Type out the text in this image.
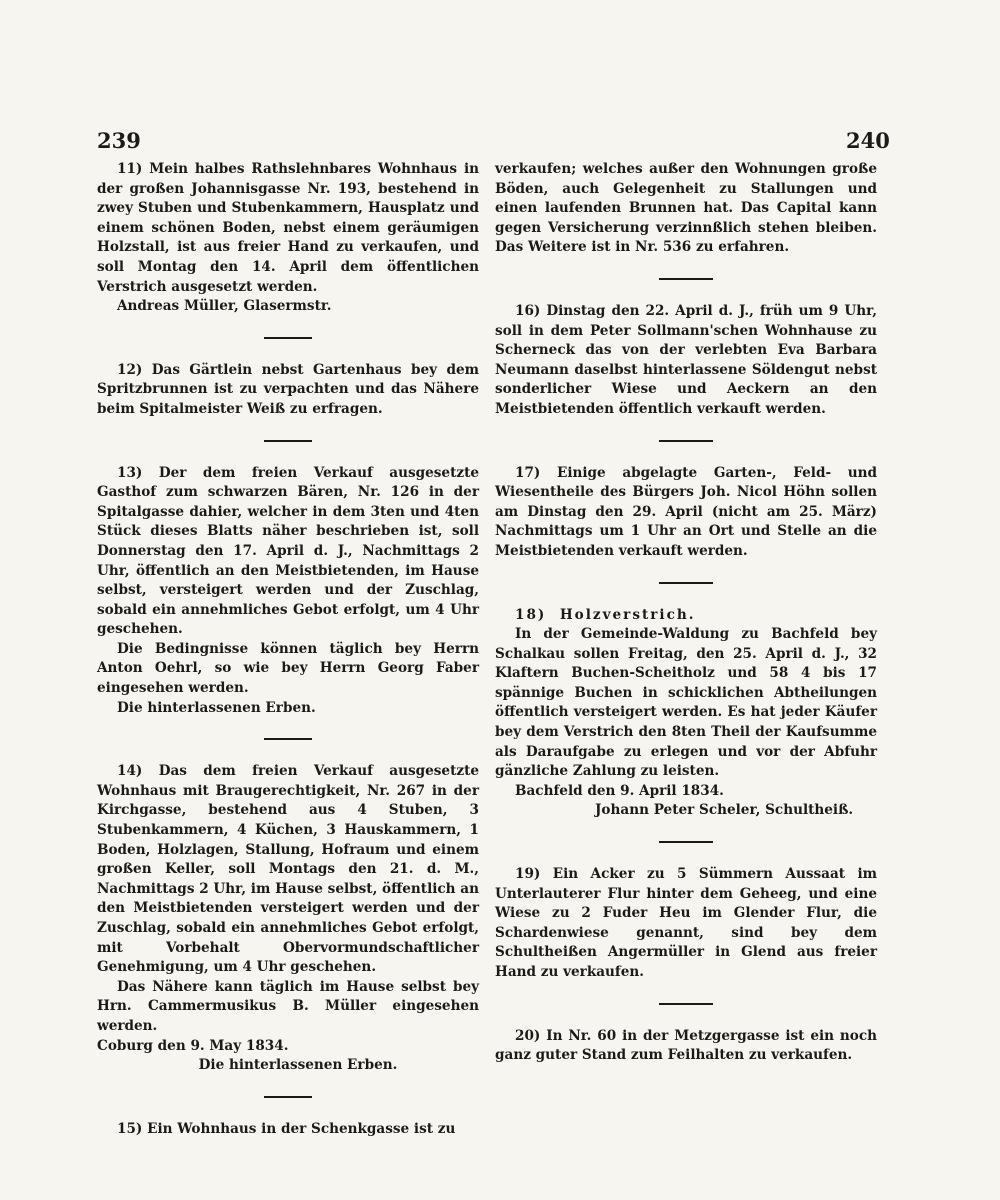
239	240

11) Mein halbes Rathslehnbares Wohnhaus in der großen Johannisgasse Nr. 193, bestehend in zwey Stuben und Stubenkammern, Hausplatz und einem schönen Boden, nebst einem geräumigen Holzstall, ist aus freier Hand zu verkaufen, und soll Montag den 14. April dem öffentlichen Verstrich ausgesetzt werden.

Andreas Müller, Glasermstr.

12) Das Gärtlein nebst Gartenhaus bey dem Spritzbrunnen ist zu verpachten und das Nähere beim Spitalmeister Weiß zu erfragen.

13) Der dem freien Verkauf ausgesetzte Gasthof zum schwarzen Bären, Nr. 126 in der Spitalgasse dahier, welcher in dem 3ten und 4ten Stück dieses Blatts näher beschrieben ist, soll Donnerstag den 17. April d. J., Nachmittags 2 Uhr, öffentlich an den Meistbietenden, im Hause selbst, versteigert werden und der Zuschlag, sobald ein annehmliches Gebot erfolgt, um 4 Uhr geschehen.

Die Bedingnisse können täglich bey Herrn Anton Oehrl, so wie bey Herrn Georg Faber eingesehen werden.

Die hinterlassenen Erben.

14) Das dem freien Verkauf ausgesetzte Wohnhaus mit Braugerechtigkeit, Nr. 267 in der Kirchgasse, bestehend aus 4 Stuben, 3 Stubenkammern, 4 Küchen, 3 Hauskammern, 1 Boden, Holzlagen, Stallung, Hofraum und einem großen Keller, soll Montags den 21. d. M., Nachmittags 2 Uhr, im Hause selbst, öffentlich an den Meistbietenden versteigert werden und der Zuschlag, sobald ein annehmliches Gebot erfolgt, mit Vorbehalt Obervormundschaftlicher Genehmigung, um 4 Uhr geschehen.

Das Nähere kann täglich im Hause selbst bey Hrn. Cammermusikus B. Müller eingesehen werden.

Coburg den 9. May 1834.

Die hinterlassenen Erben.

15) Ein Wohnhaus in der Schenkgasse ist zu

verkaufen; welches außer den Wohnungen große Böden, auch Gelegenheit zu Stallungen und einen laufenden Brunnen hat. Das Capital kann gegen Versicherung verzinnßlich stehen bleiben. Das Weitere ist in Nr. 536 zu erfahren.

16) Dinstag den 22. April d. J., früh um 9 Uhr, soll in dem Peter Sollmann'schen Wohnhause zu Scherneck das von der verlebten Eva Barbara Neumann daselbst hinterlassene Söldengut nebst sonderlicher Wiese und Aeckern an den Meistbietenden öffentlich verkauft werden.

17) Einige abgelagte Garten-, Feld- und Wiesentheile des Bürgers Joh. Nicol Höhn sollen am Dinstag den 29. April (nicht am 25. März) Nachmittags um 1 Uhr an Ort und Stelle an die Meistbietenden verkauft werden.

18) Holzverstrich.

In der Gemeinde-Waldung zu Bachfeld bey Schalkau sollen Freitag, den 25. April d. J., 32 Klaftern Buchen-Scheitholz und 58 4 bis 17 spännige Buchen in schicklichen Abtheilungen öffentlich versteigert werden. Es hat jeder Käufer bey dem Verstrich den 8ten Theil der Kaufsumme als Daraufgabe zu erlegen und vor der Abfuhr gänzliche Zahlung zu leisten.

Bachfeld den 9. April 1834.

Johann Peter Scheler, Schultheiß.

19) Ein Acker zu 5 Sümmern Aussaat im Unterlauterer Flur hinter dem Geheeg, und eine Wiese zu 2 Fuder Heu im Glender Flur, die Schardenwiese genannt, sind bey dem Schultheißen Angermüller in Glend aus freier Hand zu verkaufen.

20) In Nr. 60 in der Metzgergasse ist ein noch ganz guter Stand zum Feilhalten zu verkaufen.
